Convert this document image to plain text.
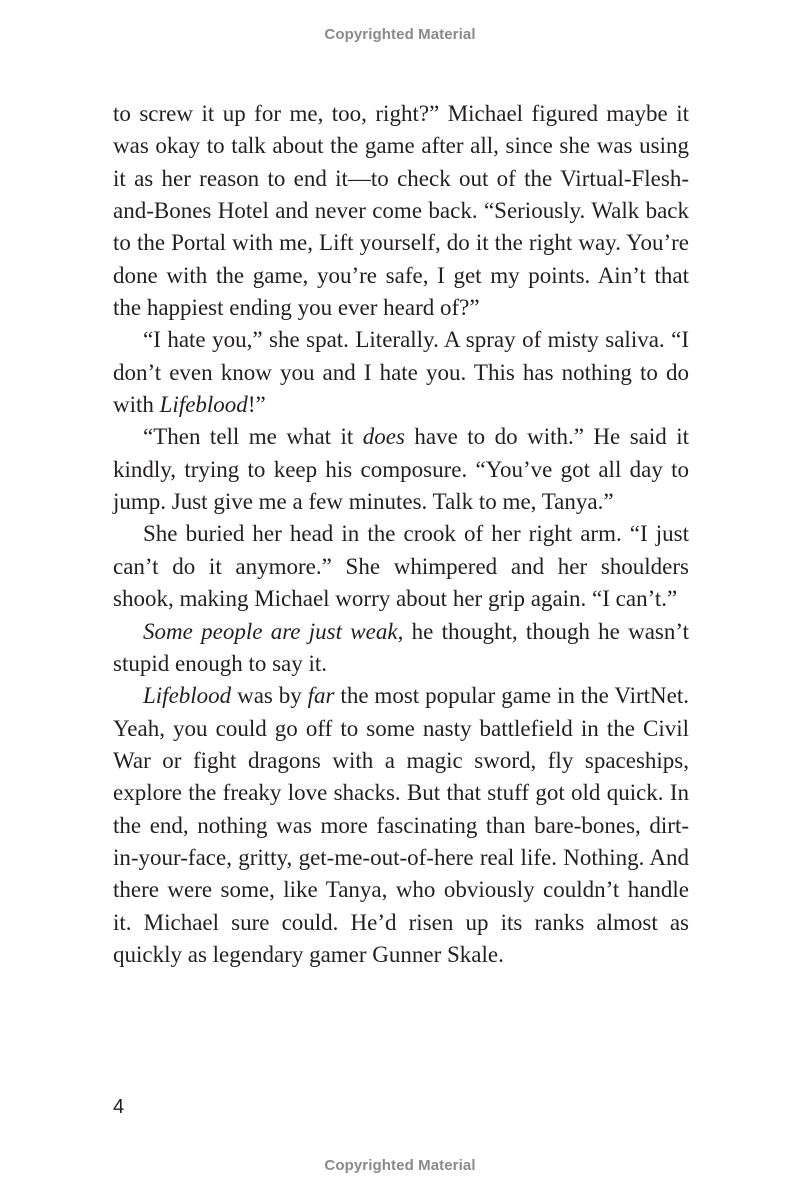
Copyrighted Material

to screw it up for me, too, right?” Michael figured maybe it was okay to talk about the game after all, since she was using it as her reason to end it—to check out of the Virtual-Flesh-and-Bones Hotel and never come back. “Seriously. Walk back to the Portal with me, Lift yourself, do it the right way. You’re done with the game, you’re safe, I get my points. Ain’t that the happiest ending you ever heard of?”

“I hate you,” she spat. Literally. A spray of misty saliva. “I don’t even know you and I hate you. This has nothing to do with Lifeblood!”

“Then tell me what it does have to do with.” He said it kindly, trying to keep his composure. “You’ve got all day to jump. Just give me a few minutes. Talk to me, Tanya.”

She buried her head in the crook of her right arm. “I just can’t do it anymore.” She whimpered and her shoulders shook, making Michael worry about her grip again. “I can’t.”

Some people are just weak, he thought, though he wasn’t stupid enough to say it.

Lifeblood was by far the most popular game in the VirtNet. Yeah, you could go off to some nasty battlefield in the Civil War or fight dragons with a magic sword, fly spaceships, explore the freaky love shacks. But that stuff got old quick. In the end, nothing was more fascinating than bare-bones, dirt-in-your-face, gritty, get-me-out-of-here real life. Nothing. And there were some, like Tanya, who obviously couldn’t handle it. Michael sure could. He’d risen up its ranks almost as quickly as legendary gamer Gunner Skale.

4
Copyrighted Material
